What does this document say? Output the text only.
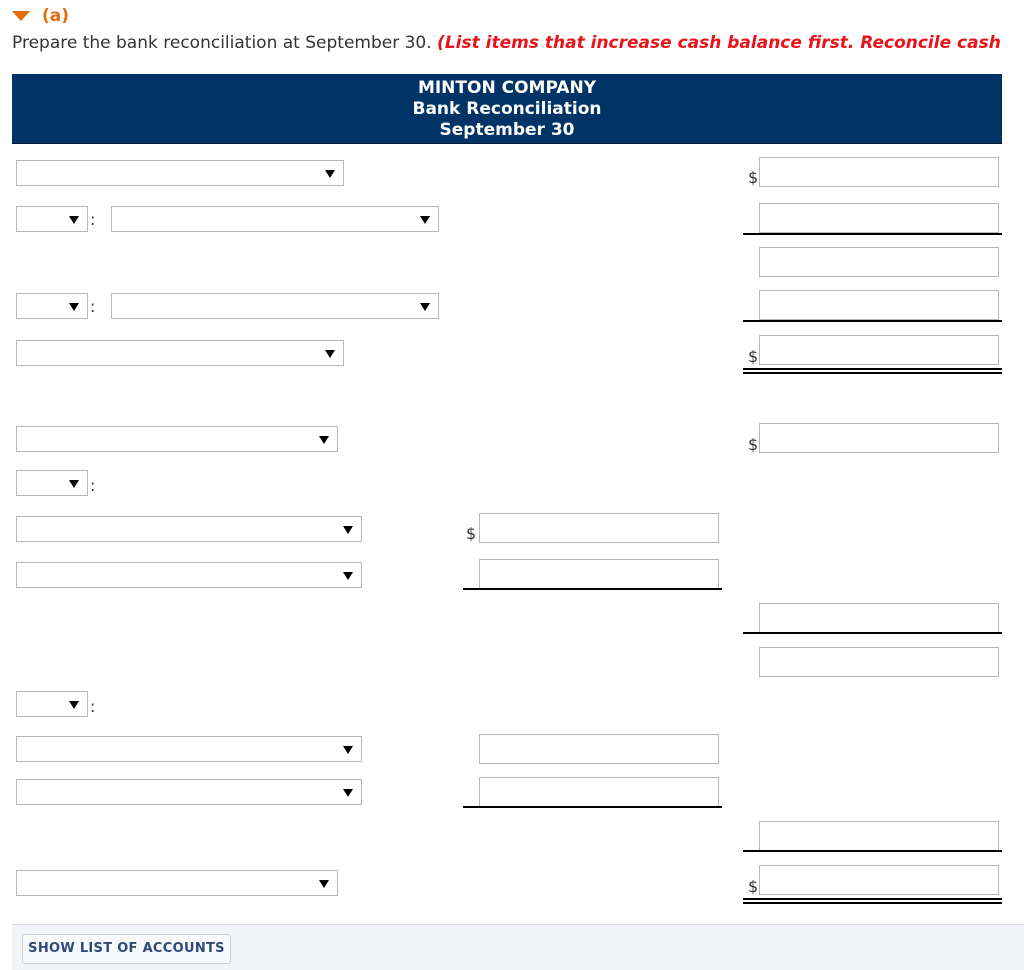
(a)
Prepare the bank reconciliation at September 30. (List items that increase cash balance first. Reconcile cash
MINTON COMPANY
Bank Reconciliation
September 30
$
:
:
$
$
:
$
:
$
SHOW LIST OF ACCOUNTS
